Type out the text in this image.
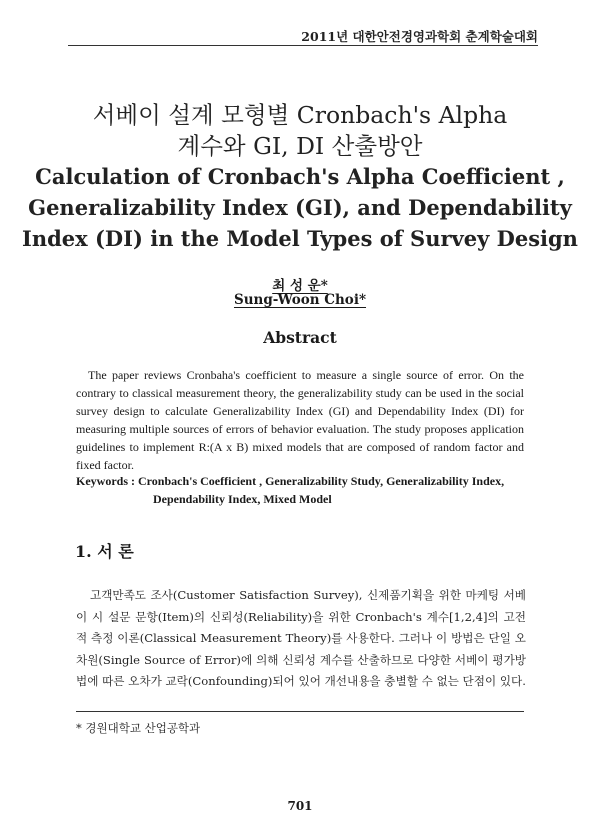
2011년 대한안전경영과학회 춘계학술대회
서베이 설계 모형별 Cronbach's Alpha
계수와 GI, DI 산출방안
Calculation of Cronbach's Alpha Coefficient ,
Generalizability Index (GI), and Dependability
Index (DI) in the Model Types of Survey Design
최 성 운*
Sung-Woon Choi*
Abstract
The paper reviews Cronbaha's coefficient to measure a single source of error. On the contrary to classical measurement theory, the generalizability study can be used in the social survey design to calculate Generalizability Index (GI) and Dependability Index (DI) for measuring multiple sources of errors of behavior evaluation. The study proposes application guidelines to implement R:(A x B) mixed models that are composed of random factor and fixed factor.
Keywords : Cronbach's Coefficient , Generalizability Study, Generalizability Index,
Dependability Index, Mixed Model
1. 서 론
고객만족도 조사(Customer Satisfaction Survey), 신제품기획을 위한 마케팅 서베이 시 설문 문항(Item)의 신뢰성(Reliability)을 위한 Cronbach's 계수[1,2,4]의 고전적 측정 이론(Classical Measurement Theory)를 사용한다. 그러나 이 방법은 단일 오차원(Single Source of Error)에 의해 신뢰성 계수를 산출하므로 다양한 서베이 평가방법에 따른 오차가 교락(Confounding)되어 있어 개선내용을 충별할 수 없는 단점이 있다.
* 경원대학교 산업공학과
701
